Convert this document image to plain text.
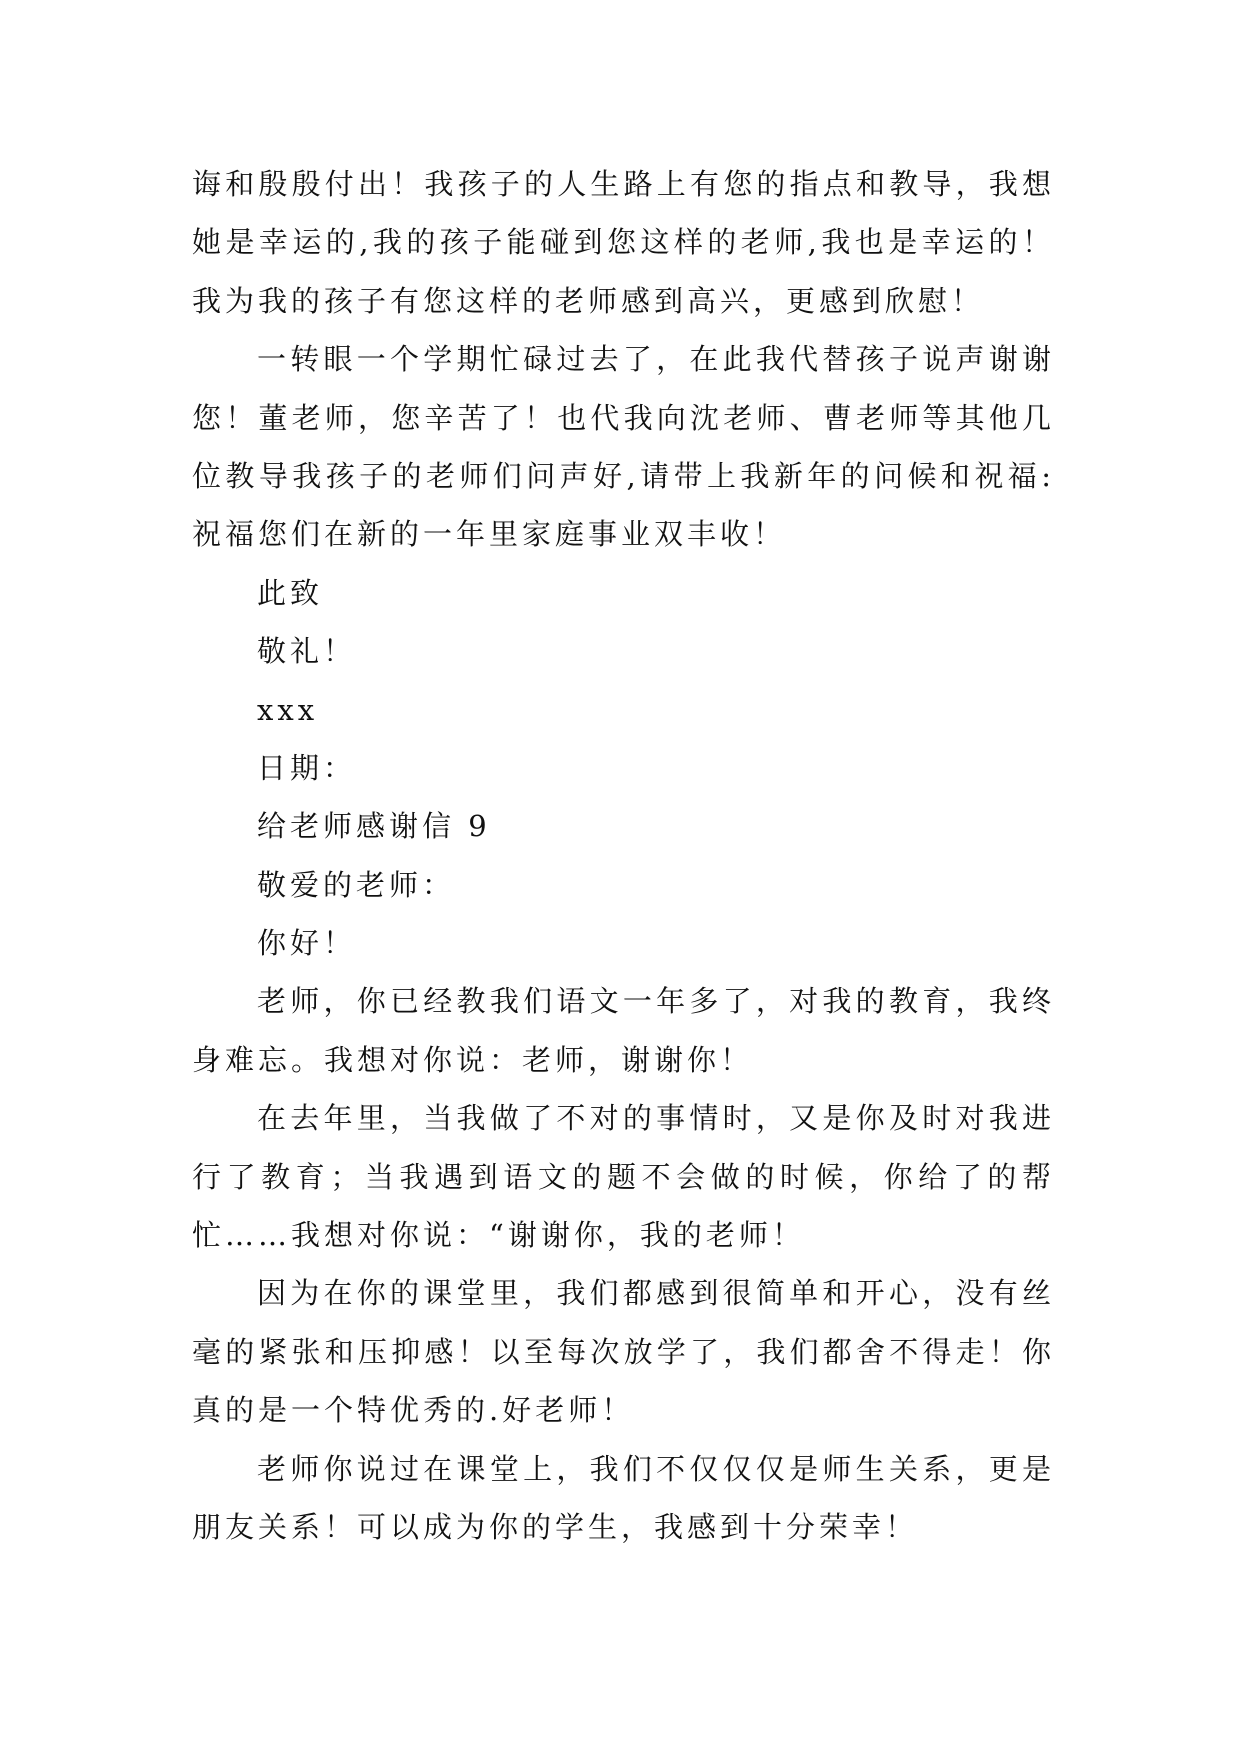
诲和殷殷付出！我孩子的人生路上有您的指点和教导，我想
她是幸运的,我的孩子能碰到您这样的老师,我也是幸运的！
我为我的孩子有您这样的老师感到高兴，更感到欣慰！
一转眼一个学期忙碌过去了，在此我代替孩子说声谢谢
您！董老师，您辛苦了！也代我向沈老师、曹老师等其他几
位教导我孩子的老师们问声好,请带上我新年的问候和祝福:
祝福您们在新的一年里家庭事业双丰收！
此致
敬礼！
xxx
日期：
给老师感谢信 9
敬爱的老师：
你好！
老师，你已经教我们语文一年多了，对我的教育，我终
身难忘。我想对你说：老师，谢谢你！
在去年里，当我做了不对的事情时，又是你及时对我进
行了教育；当我遇到语文的题不会做的时候，你给了的帮
忙……我想对你说：“谢谢你，我的老师！
因为在你的课堂里，我们都感到很简单和开心，没有丝
毫的紧张和压抑感！以至每次放学了，我们都舍不得走！你
真的是一个特优秀的.好老师！
老师你说过在课堂上，我们不仅仅仅是师生关系，更是
朋友关系！可以成为你的学生，我感到十分荣幸！
